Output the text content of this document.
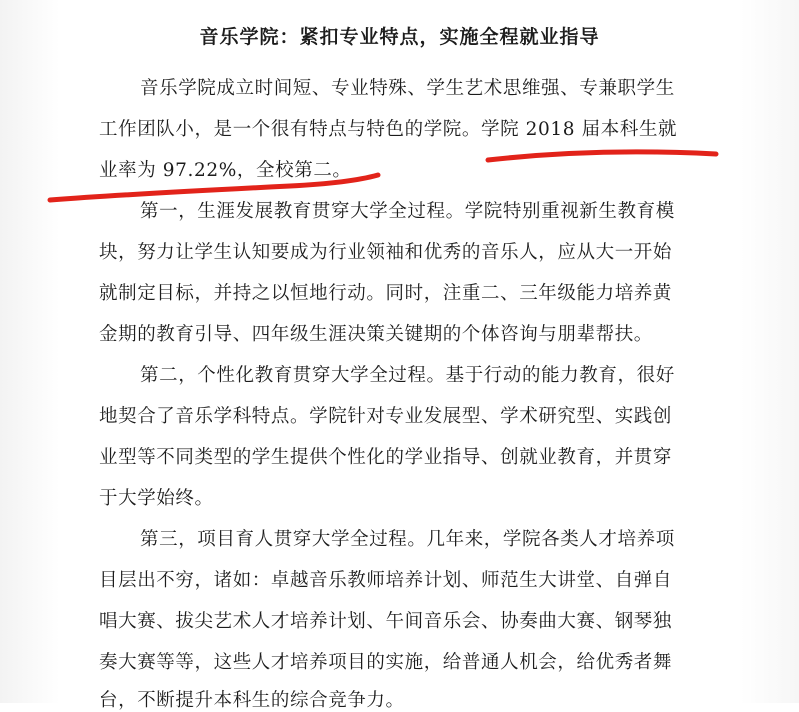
音乐学院：紧扣专业特点，实施全程就业指导
音乐学院成立时间短、专业特殊、学生艺术思维强、专兼职学生
工作团队小，是一个很有特点与特色的学院。学院 2018 届本科生就
业率为 97.22%，全校第二。
第一，生涯发展教育贯穿大学全过程。学院特别重视新生教育模
块，努力让学生认知要成为行业领袖和优秀的音乐人，应从大一开始
就制定目标，并持之以恒地行动。同时，注重二、三年级能力培养黄
金期的教育引导、四年级生涯决策关键期的个体咨询与朋辈帮扶。
第二，个性化教育贯穿大学全过程。基于行动的能力教育，很好
地契合了音乐学科特点。学院针对专业发展型、学术研究型、实践创
业型等不同类型的学生提供个性化的学业指导、创就业教育，并贯穿
于大学始终。
第三，项目育人贯穿大学全过程。几年来，学院各类人才培养项
目层出不穷，诸如：卓越音乐教师培养计划、师范生大讲堂、自弹自
唱大赛、拔尖艺术人才培养计划、午间音乐会、协奏曲大赛、钢琴独
奏大赛等等，这些人才培养项目的实施，给普通人机会，给优秀者舞
台，不断提升本科生的综合竞争力。
